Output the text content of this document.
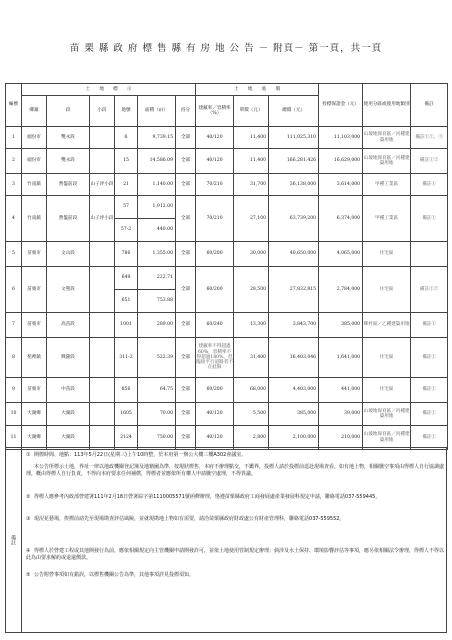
苗 栗 縣 政 府 標 售 縣 有 房 地 公 告 － 附頁－ 第一頁，共一頁
編號	土　　地　　標　　示						土　　地　　底　　價			投標保證金（元）	使用分區或使用地類別	備註
	鄉鎮	段	小段	地號	面積（㎡）	持分	建蔽率／容積率（%）	單價（元）	總價（元）			
1	頭份市	雙永段		6	9,739.15	全部	40/120	11,400	111,025,310	11,103,000	山坡地保育區／丙種建築用地	備註①②、③
2	頭份市	雙永段		15	14,586.09	全部	40/120	11,400	166,281,426	16,629,000	山坡地保育區／丙種建築用地	備註①②
3	竹南鎮	營盤前段	山子坪小段	21	1,140.00	全部	70/210	31,700	36,138,000	3,614,000	甲種工業區	備註①
4	竹南鎮	營盤前段	山子坪小段	57	1,912.00	全部	70/210	27,100	63,739,200	6,374,000	甲種工業區	備註①
				57-2	440.00							
5	苗栗市	文山段		786	1,355.00	全部	60/200	30,000	40,650,000	4,065,000	住宅區	
6	苗栗市	文聖段		649	222.71	全部	60/200	28,500	27,832,815	2,784,000	住宅區	備註①②
				651	753.88							
7	苗栗市	高苗段		1001	289.00	全部	60/240	13,300	3,843,700	385,000	鄉村區／乙種建築用地	備註①
8	苑裡鎮	興隆段		311-2	522.39	全部	建蔽率不得超過60%，容積率不得超過180%，但臨接平行道路者不在此限	31,400	16,403,046	1,641,000	住宅區	備註①
9	苗栗市	中苗段		856	64.75	全部	60/200	68,000	4,403,000	441,000	住宅區	備註①
10	大湖鄉	大湖段		1605	70.00	全部	40/120	5,500	385,000	39,000	山坡地保育區／丙種建築用地	備註①
11	大湖鄉	大湖段		2124	750.00	全部	40/120	2,800	2,100,000	210,000	山坡地保育區／丙種建築用地	備註①
備註
① 開標時間、地點：113年5月22日(星期三)上午10時整，於本府第一辦公大樓三樓A302會議室。
本公告所標示土地，界址一律以地政機關登記簿及地籍圖為準，按現狀標售，本府不辦理點交，不鑑界，投標人請於投標前逕赴現場查看，如有地上物，相關騰空事項由得標人自行協調處理，概由得標人自行負責，不得向本府要求任何補償，得標者並應依所有權人申請騰空處理，不得異議。
② 得標人應參考內政部營建署111年2月18日營署綜字第1110005571號函釋辦理，恪遵苗栗縣政府工商發展處產業發展科規定申請，聯絡電話037-559445。
③ 現況花藝場，俟標前請先至現場勘查評估風險，並就現勘地上物如有需要，請洽苗栗縣政府財政處公有財產管理科，聯絡電話037-559552。
④ 得標人於營建工程或其他開發行為前，應依相關規定向主管機關申請開發許可，並依土地使用管制規定辦理；倘涉及水土保持、環境影響評估等事項，應另依相關法令辦理，得標人不得以此為由要求解約或退還價款。
⑤ 公告附營事項如有錯誤，以標售機關公告為準，其他事項詳見投標須知。
